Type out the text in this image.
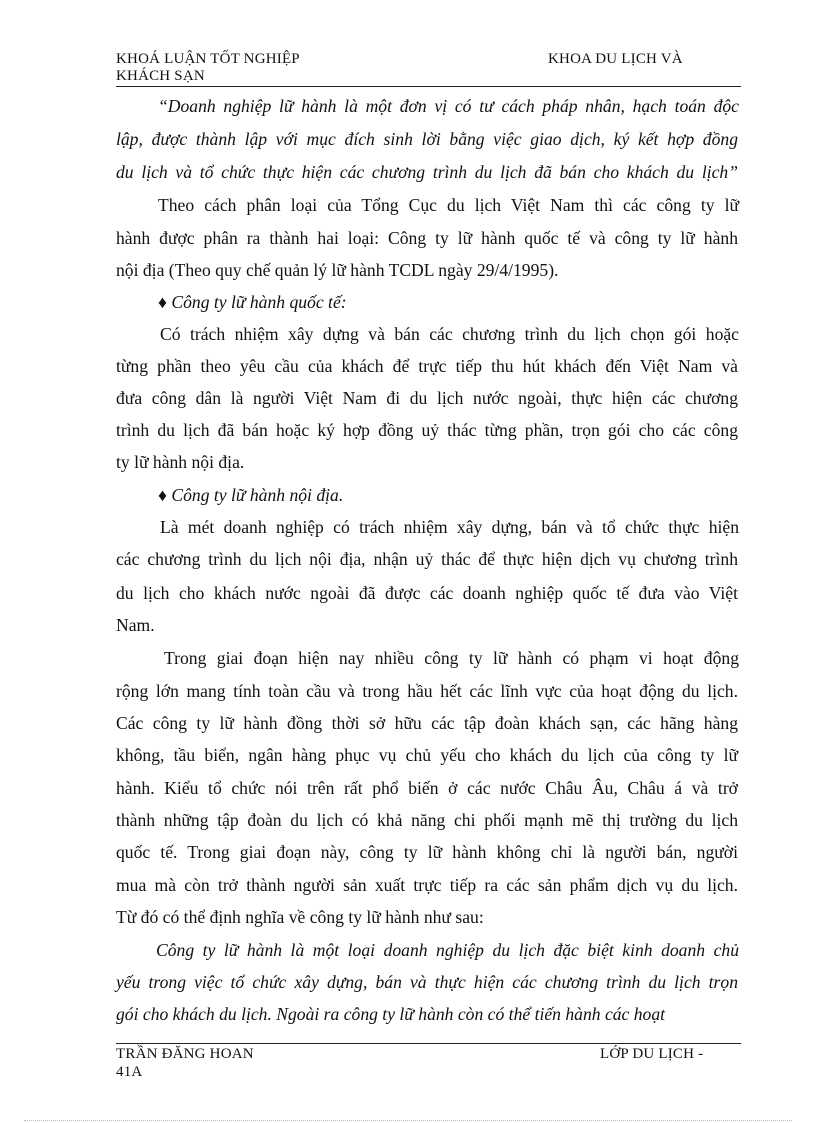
KHOÁ LUẬN TỐT NGHIỆP
KHÁCH SẠN
KHOA DU LỊCH VÀ
“Doanh nghiệp lữ hành là một đơn vị có tư cách pháp nhân, hạch toán độc
lập, được thành lập với mục đích sinh lời bằng việc giao dịch, ký kết hợp đồng
du lịch và tổ chức thực hiện các chương trình du lịch đã bán cho khách du lịch”
Theo cách phân loại của Tổng Cục du lịch Việt Nam thì các công ty lữ
hành được phân ra thành hai loại: Công ty lữ hành quốc tế và công ty lữ hành
nội địa (Theo quy chế quản lý lữ hành TCDL ngày 29/4/1995).
♦ Công ty lữ hành quốc tế:
Có trách nhiệm xây dựng và bán các chương trình du lịch chọn gói hoặc
từng phần theo yêu cầu của khách để trực tiếp thu hút khách đến Việt Nam và
đưa công dân là người Việt Nam đi du lịch nước ngoài, thực hiện các chương
trình du lịch đã bán hoặc ký hợp đồng uỷ thác từng phần, trọn gói cho các công
ty lữ hành nội địa.
♦ Công ty lữ hành nội địa.
Là mét doanh nghiệp có trách nhiệm xây dựng, bán và tổ chức thực hiện
các chương trình du lịch nội địa, nhận uỷ thác để thực hiện dịch vụ chương trình
du lịch cho khách nước ngoài đã được các doanh nghiệp quốc tế đưa vào Việt
Nam.
Trong giai đoạn hiện nay nhiều công ty lữ hành có phạm vi hoạt động
rộng lớn mang tính toàn cầu và trong hầu hết các lĩnh vực của hoạt động du lịch.
Các công ty lữ hành đồng thời sở hữu các tập đoàn khách sạn, các hãng hàng
không, tầu biển, ngân hàng phục vụ chủ yếu cho khách du lịch của công ty lữ
hành. Kiểu tổ chức nói trên rất phổ biến ở các nước Châu Âu, Châu á và trở
thành những tập đoàn du lịch có khả năng chi phối mạnh mẽ thị trường du lịch
quốc tế. Trong giai đoạn này, công ty lữ hành không chỉ là người bán, người
mua mà còn trở thành người sản xuất trực tiếp ra các sản phẩm dịch vụ du lịch.
Từ đó có thể định nghĩa về công ty lữ hành như sau:
Công ty lữ hành là một loại doanh nghiệp du lịch đặc biệt kinh doanh chủ
yếu trong việc tổ chức xây dựng, bán và thực hiện các chương trình du lịch trọn
gói cho khách du lịch. Ngoài ra công ty lữ hành còn có thể tiến hành các hoạt
TRẦN ĐĂNG HOAN
41A
LỚP DU LỊCH -
